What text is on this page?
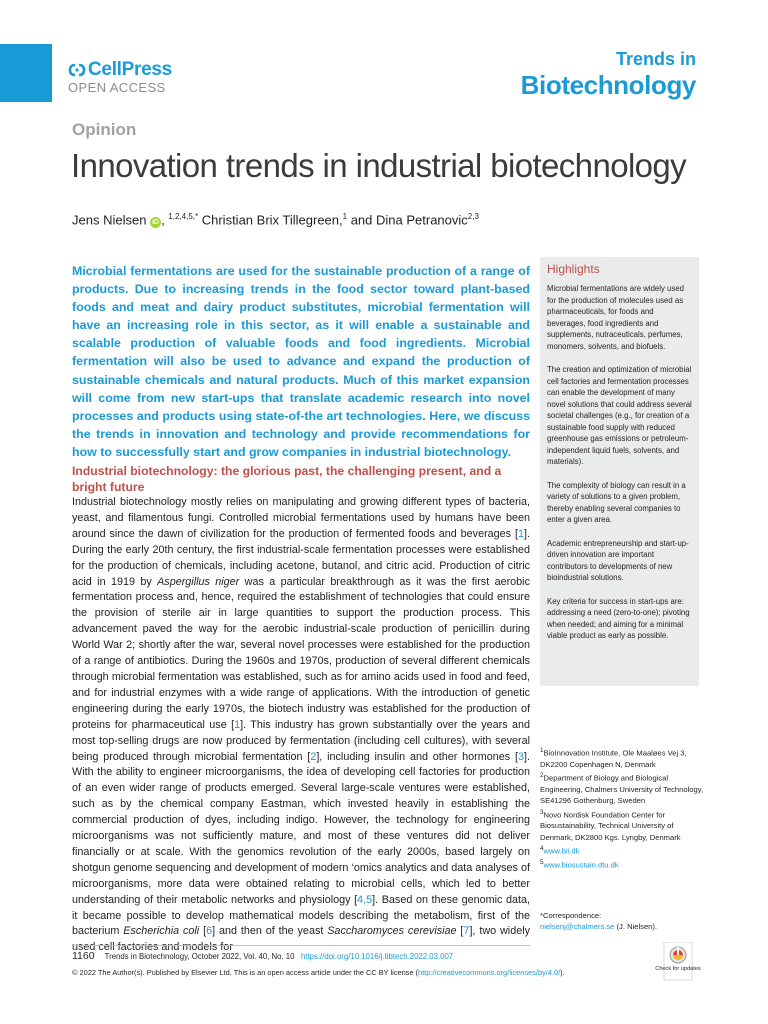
CellPress
OPEN ACCESS
Trends in
Biotechnology
Opinion
Innovation trends in industrial biotechnology
Jens Nielsen iD , $^{1,2,4,5,*}$ Christian Brix Tillegreen,$^1$ and Dina Petranovic$^{2,3}$

Microbial fermentations are used for the sustainable production of a range of products. Due to increasing trends in the food sector toward plant-based foods and meat and dairy product substitutes, microbial fermentation will have an increasing role in this sector, as it will enable a sustainable and scalable production of valuable foods and food ingredients. Microbial fermentation will also be used to advance and expand the production of sustainable chemicals and natural products. Much of this market expansion will come from new start-ups that translate academic research into novel processes and products using state-of-the art technologies. Here, we discuss the trends in innovation and technology and provide recommendations for how to successfully start and grow companies in industrial biotechnology.

Highlights

Microbial fermentations are widely used for the production of molecules used as pharmaceuticals, for foods and beverages, food ingredients and supplements, nutraceuticals, perfumes, monomers, solvents, and biofuels.

The creation and optimization of microbial cell factories and fermentation processes can enable the development of many novel solutions that could address several societal challenges (e.g., for creation of a sustainable food supply with reduced greenhouse gas emissions or petroleum-independent liquid fuels, solvents, and materials).

The complexity of biology can result in a variety of solutions to a given problem, thereby enabling several companies to enter a given area.

Academic entrepreneurship and start-up-driven innovation are important contributors to developments of new bioindustrial solutions.

Key criteria for success in start-ups are: addressing a need (zero-to-one); pivoting when needed; and aiming for a minimal viable product as early as possible.

Industrial biotechnology: the glorious past, the challenging present, and a bright future

Industrial biotechnology mostly relies on manipulating and growing different types of bacteria, yeast, and filamentous fungi. Controlled microbial fermentations used by humans have been around since the dawn of civilization for the production of fermented foods and beverages [1]. During the early 20th century, the first industrial-scale fermentation processes were established for the production of chemicals, including acetone, butanol, and citric acid. Production of citric acid in 1919 by Aspergillus niger was a particular breakthrough as it was the first aerobic fermentation process and, hence, required the establishment of technologies that could ensure the provision of sterile air in large quantities to support the production process. This advancement paved the way for the aerobic industrial-scale production of penicillin during World War 2; shortly after the war, several novel processes were established for the production of a range of antibiotics. During the 1960s and 1970s, production of several different chemicals through microbial fermentation was established, such as for amino acids used in food and feed, and for industrial enzymes with a wide range of applications. With the introduction of genetic engineering during the early 1970s, the biotech industry was established for the production of proteins for pharmaceutical use [1]. This industry has grown substantially over the years and most top-selling drugs are now produced by fermentation (including cell cultures), with several being produced through microbial fermentation [2], including insulin and other hormones [3]. With the ability to engineer microorganisms, the idea of developing cell factories for production of an even wider range of products emerged. Several large-scale ventures were established, such as by the chemical company Eastman, which invested heavily in establishing the commercial production of dyes, including indigo. However, the technology for engineering microorganisms was not sufficiently mature, and most of these ventures did not deliver financially or at scale. With the genomics revolution of the early 2000s, based largely on shotgun genome sequencing and development of modern ‘omics analytics and data analyses of microorganisms, more data were obtained relating to microbial cells, which led to better understanding of their metabolic networks and physiology [4,5]. Based on these genomic data, it became possible to develop mathematical models describing the metabolism, first of the bacterium Escherichia coli [6] and then of the yeast Saccharomyces cerevisiae [7], two widely used cell factories and models for

$^1$BioInnovation Institute, Ole Maaløes Vej 3, DK2200 Copenhagen N, Denmark

$^2$Department of Biology and Biological Engineering, Chalmers University of Technology, SE41296 Gothenburg, Sweden

$^3$Novo Nordisk Foundation Center for Biosustainability, Technical University of Denmark, DK2800 Kgs. Lyngby, Denmark

$^4$www.bii.dk

$^5$www.biosustain.dtu.dk

*Correspondence:

nielsenj@chalmers.se (J. Nielsen).

1160 Trends in Biotechnology, October 2022, Vol. 40, No. 10 https://doi.org/10.1016/j.tibtech.2022.03.007
© 2022 The Author(s). Published by Elsevier Ltd. This is an open access article under the CC BY license (http://creativecommons.org/licenses/by/4.0/).	Check for updates
